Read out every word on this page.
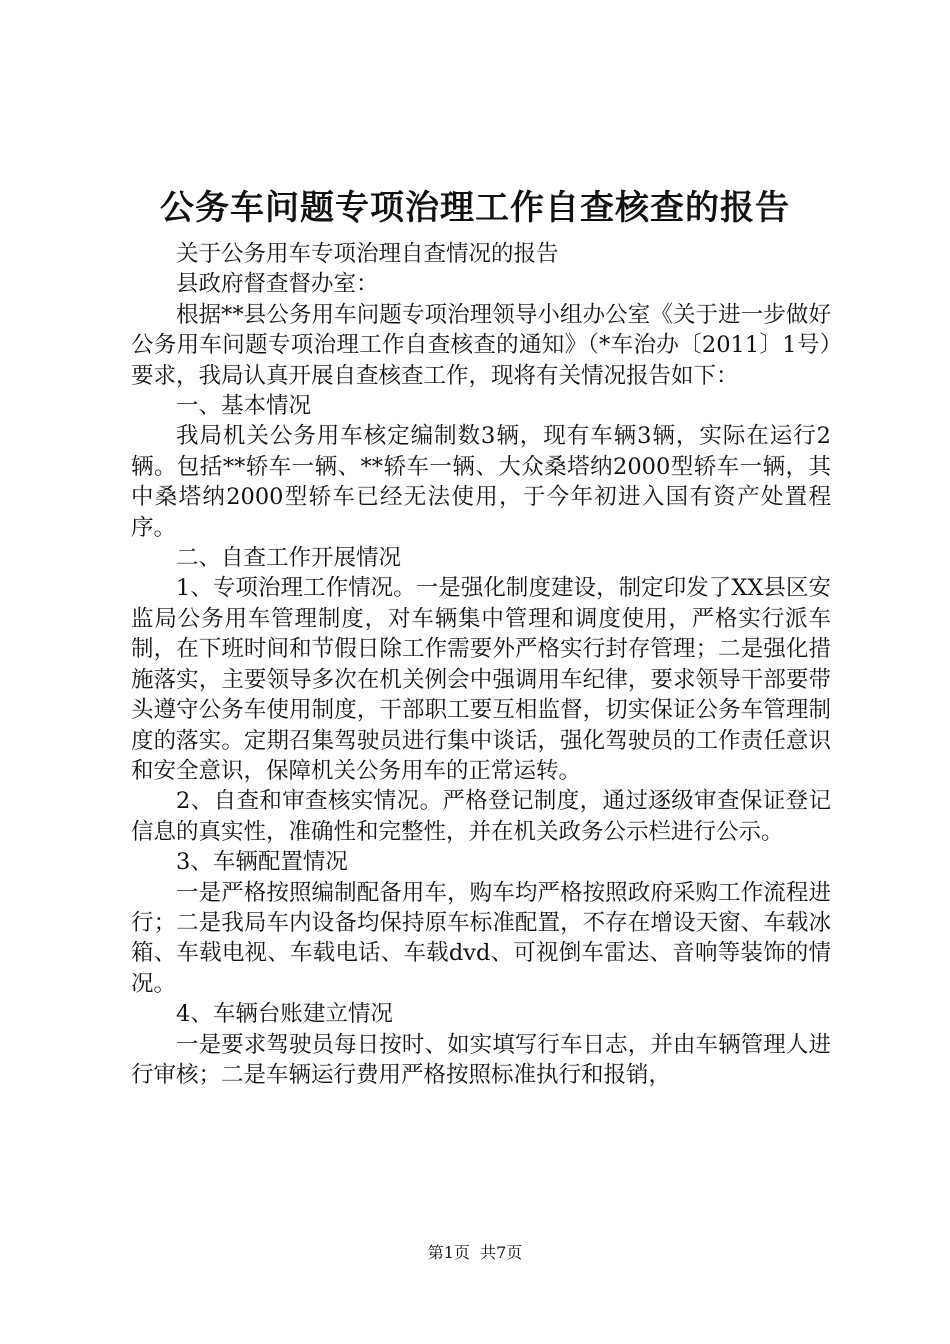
公务车问题专项治理工作自查核查的报告

关于公务用车专项治理自查情况的报告

县政府督查督办室：

根据**县公务用车问题专项治理领导小组办公室《关于进一步做好公务用车问题专项治理工作自查核查的通知》（*车治办〔2011〕1号）要求，我局认真开展自查核查工作，现将有关情况报告如下：

一、基本情况

我局机关公务用车核定编制数3辆，现有车辆3辆，实际在运行2辆。包括**轿车一辆、**轿车一辆、大众桑塔纳2000型轿车一辆，其中桑塔纳2000型轿车已经无法使用，于今年初进入国有资产处置程序。

二、自查工作开展情况

1、专项治理工作情况。一是强化制度建设，制定印发了XX县区安监局公务用车管理制度，对车辆集中管理和调度使用，严格实行派车制，在下班时间和节假日除工作需要外严格实行封存管理；二是强化措施落实，主要领导多次在机关例会中强调用车纪律，要求领导干部要带头遵守公务车使用制度，干部职工要互相监督，切实保证公务车管理制度的落实。定期召集驾驶员进行集中谈话，强化驾驶员的工作责任意识和安全意识，保障机关公务用车的正常运转。

2、自查和审查核实情况。严格登记制度，通过逐级审查保证登记信息的真实性，准确性和完整性，并在机关政务公示栏进行公示。

3、车辆配置情况

一是严格按照编制配备用车，购车均严格按照政府采购工作流程进行；二是我局车内设备均保持原车标准配置，不存在增设天窗、车载冰箱、车载电视、车载电话、车载dvd、可视倒车雷达、音响等装饰的情况。

4、车辆台账建立情况

一是要求驾驶员每日按时、如实填写行车日志，并由车辆管理人进行审核；二是车辆运行费用严格按照标准执行和报销，

第1页 共7页
